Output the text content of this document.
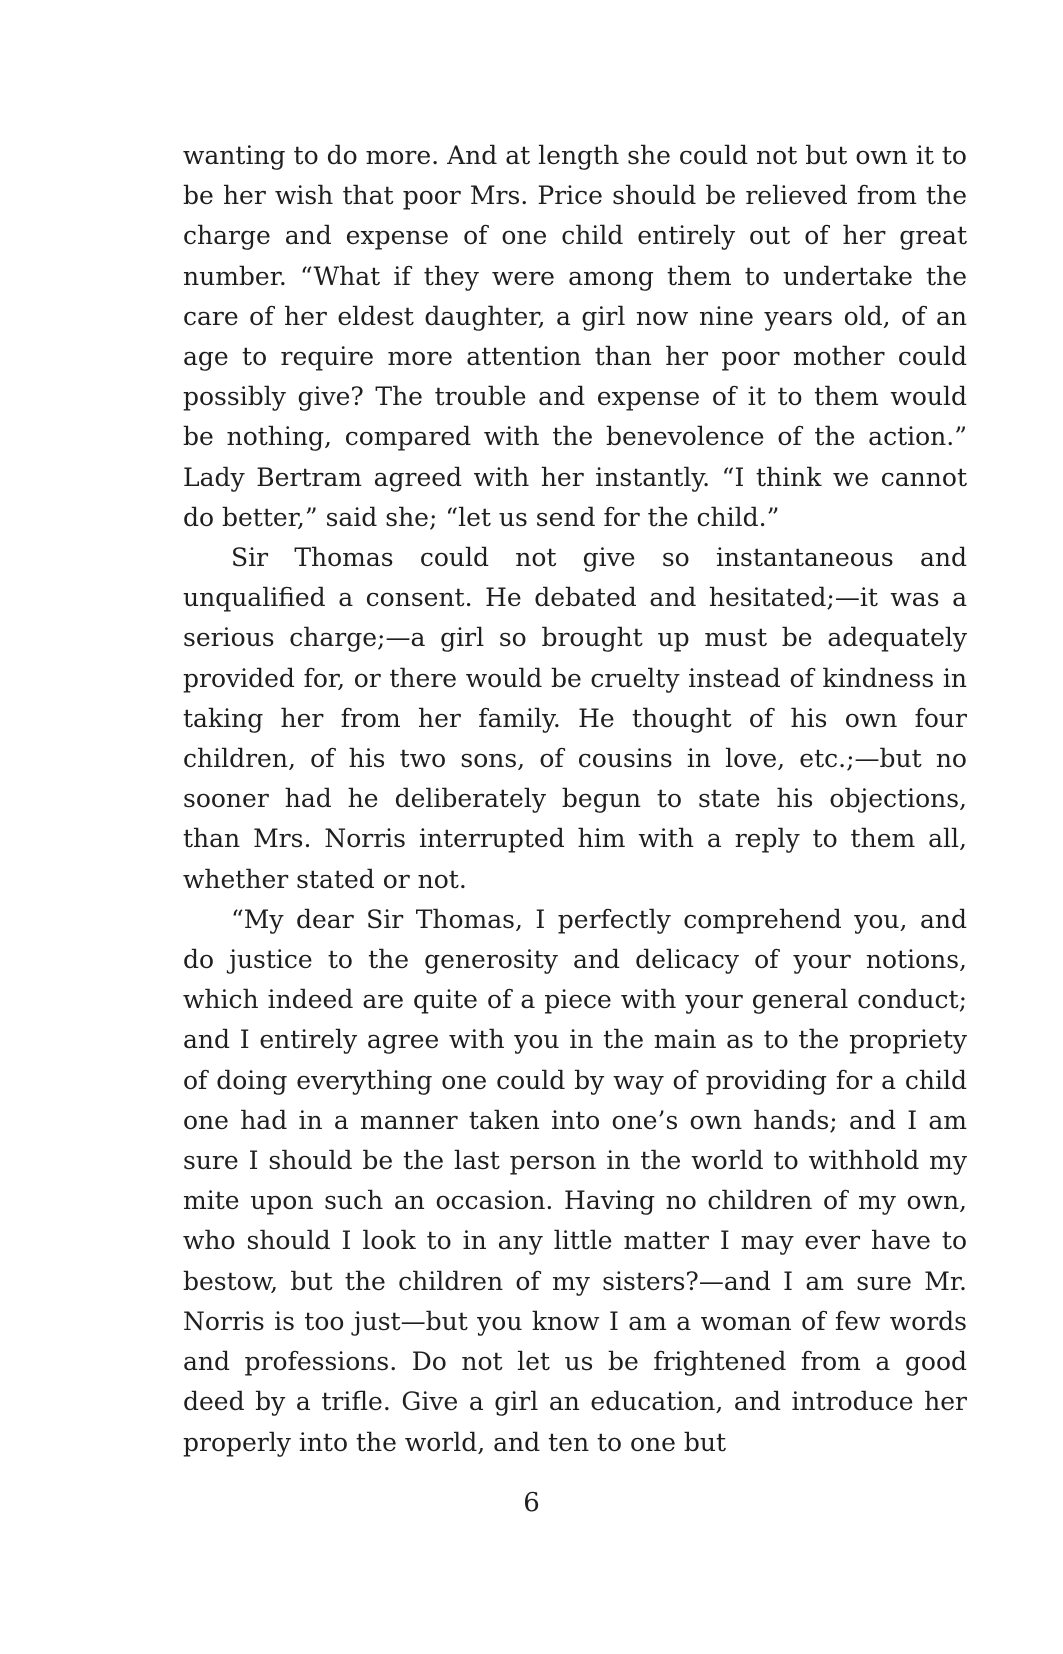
wanting to do more. And at length she could not but own it to be her wish that poor Mrs. Price should be relieved from the charge and expense of one child entirely out of her great number. “What if they were among them to undertake the care of her eldest daughter, a girl now nine years old, of an age to require more attention than her poor mother could possibly give? The trouble and expense of it to them would be nothing, compared with the benevolence of the action.” Lady Bertram agreed with her instantly. “I think we cannot do better,” said she; “let us send for the child.”

Sir Thomas could not give so instantaneous and unqualified a consent. He debated and hesitated;—it was a serious charge;—a girl so brought up must be adequately provided for, or there would be cruelty instead of kindness in taking her from her family. He thought of his own four children, of his two sons, of cousins in love, etc.;—but no sooner had he deliberately begun to state his objections, than Mrs. Norris interrupted him with a reply to them all, whether stated or not.

“My dear Sir Thomas, I perfectly comprehend you, and do justice to the generosity and delicacy of your notions, which indeed are quite of a piece with your general conduct; and I entirely agree with you in the main as to the propriety of doing everything one could by way of providing for a child one had in a manner taken into one’s own hands; and I am sure I should be the last person in the world to withhold my mite upon such an occasion. Having no children of my own, who should I look to in any little matter I may ever have to bestow, but the children of my sisters?—and I am sure Mr. Norris is too just—but you know I am a woman of few words and professions. Do not let us be frightened from a good deed by a trifle. Give a girl an education, and introduce her properly into the world, and ten to one but

6
